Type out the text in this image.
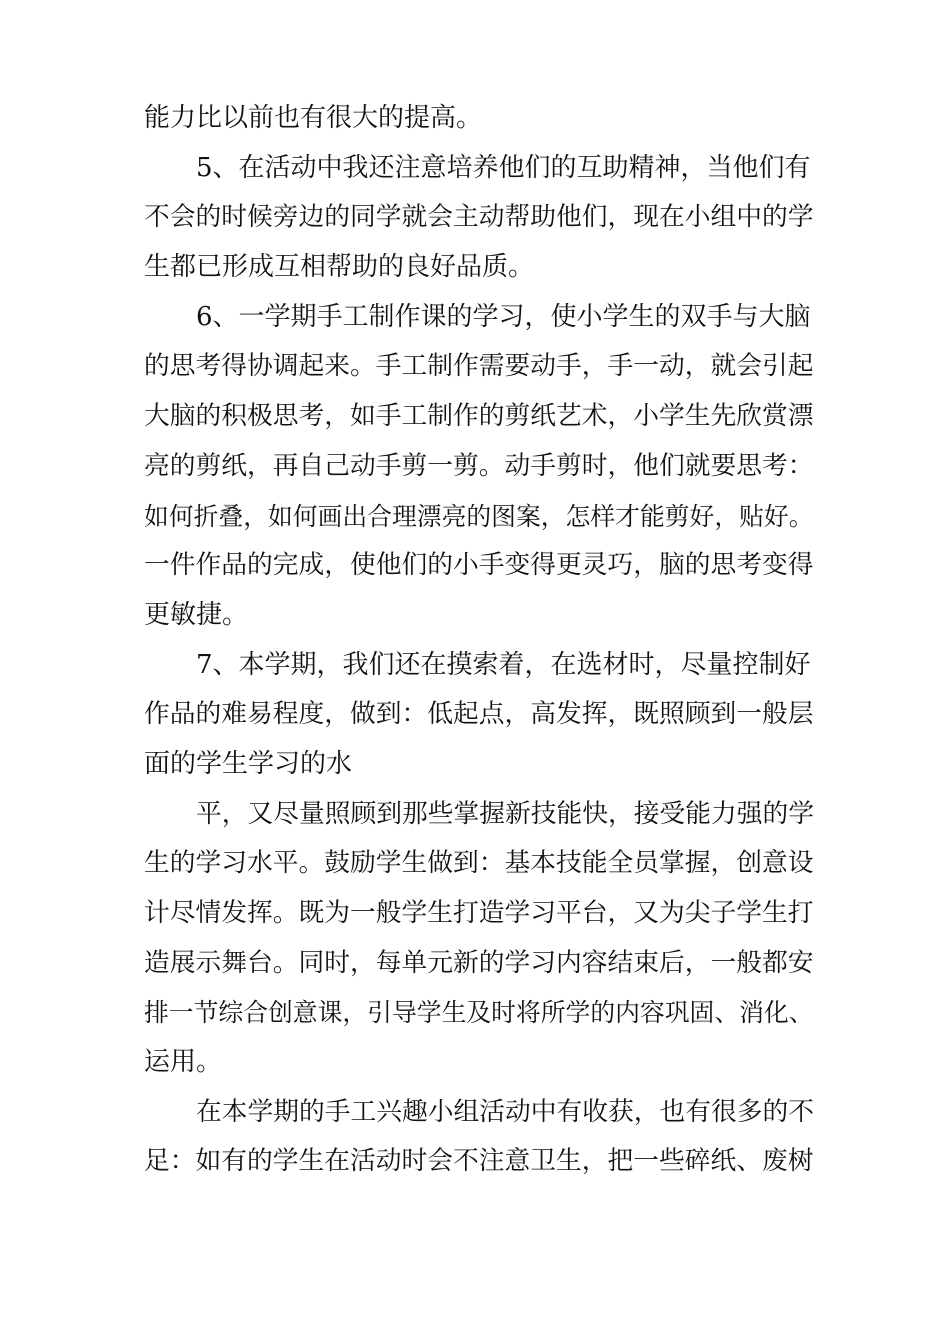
能力比以前也有很大的提高。
5、在活动中我还注意培养他们的互助精神，当他们有
不会的时候旁边的同学就会主动帮助他们，现在小组中的学
生都已形成互相帮助的良好品质。
6、一学期手工制作课的学习，使小学生的双手与大脑
的思考得协调起来。手工制作需要动手，手一动，就会引起
大脑的积极思考，如手工制作的剪纸艺术，小学生先欣赏漂
亮的剪纸，再自己动手剪一剪。动手剪时，他们就要思考：
如何折叠，如何画出合理漂亮的图案，怎样才能剪好，贴好。
一件作品的完成，使他们的小手变得更灵巧，脑的思考变得
更敏捷。
7、本学期，我们还在摸索着，在选材时，尽量控制好
作品的难易程度，做到：低起点，高发挥，既照顾到一般层
面的学生学习的水
平，又尽量照顾到那些掌握新技能快，接受能力强的学
生的学习水平。鼓励学生做到：基本技能全员掌握，创意设
计尽情发挥。既为一般学生打造学习平台，又为尖子学生打
造展示舞台。同时，每单元新的学习内容结束后，一般都安
排一节综合创意课，引导学生及时将所学的内容巩固、消化、
运用。
在本学期的手工兴趣小组活动中有收获，也有很多的不
足：如有的学生在活动时会不注意卫生，把一些碎纸、废树
